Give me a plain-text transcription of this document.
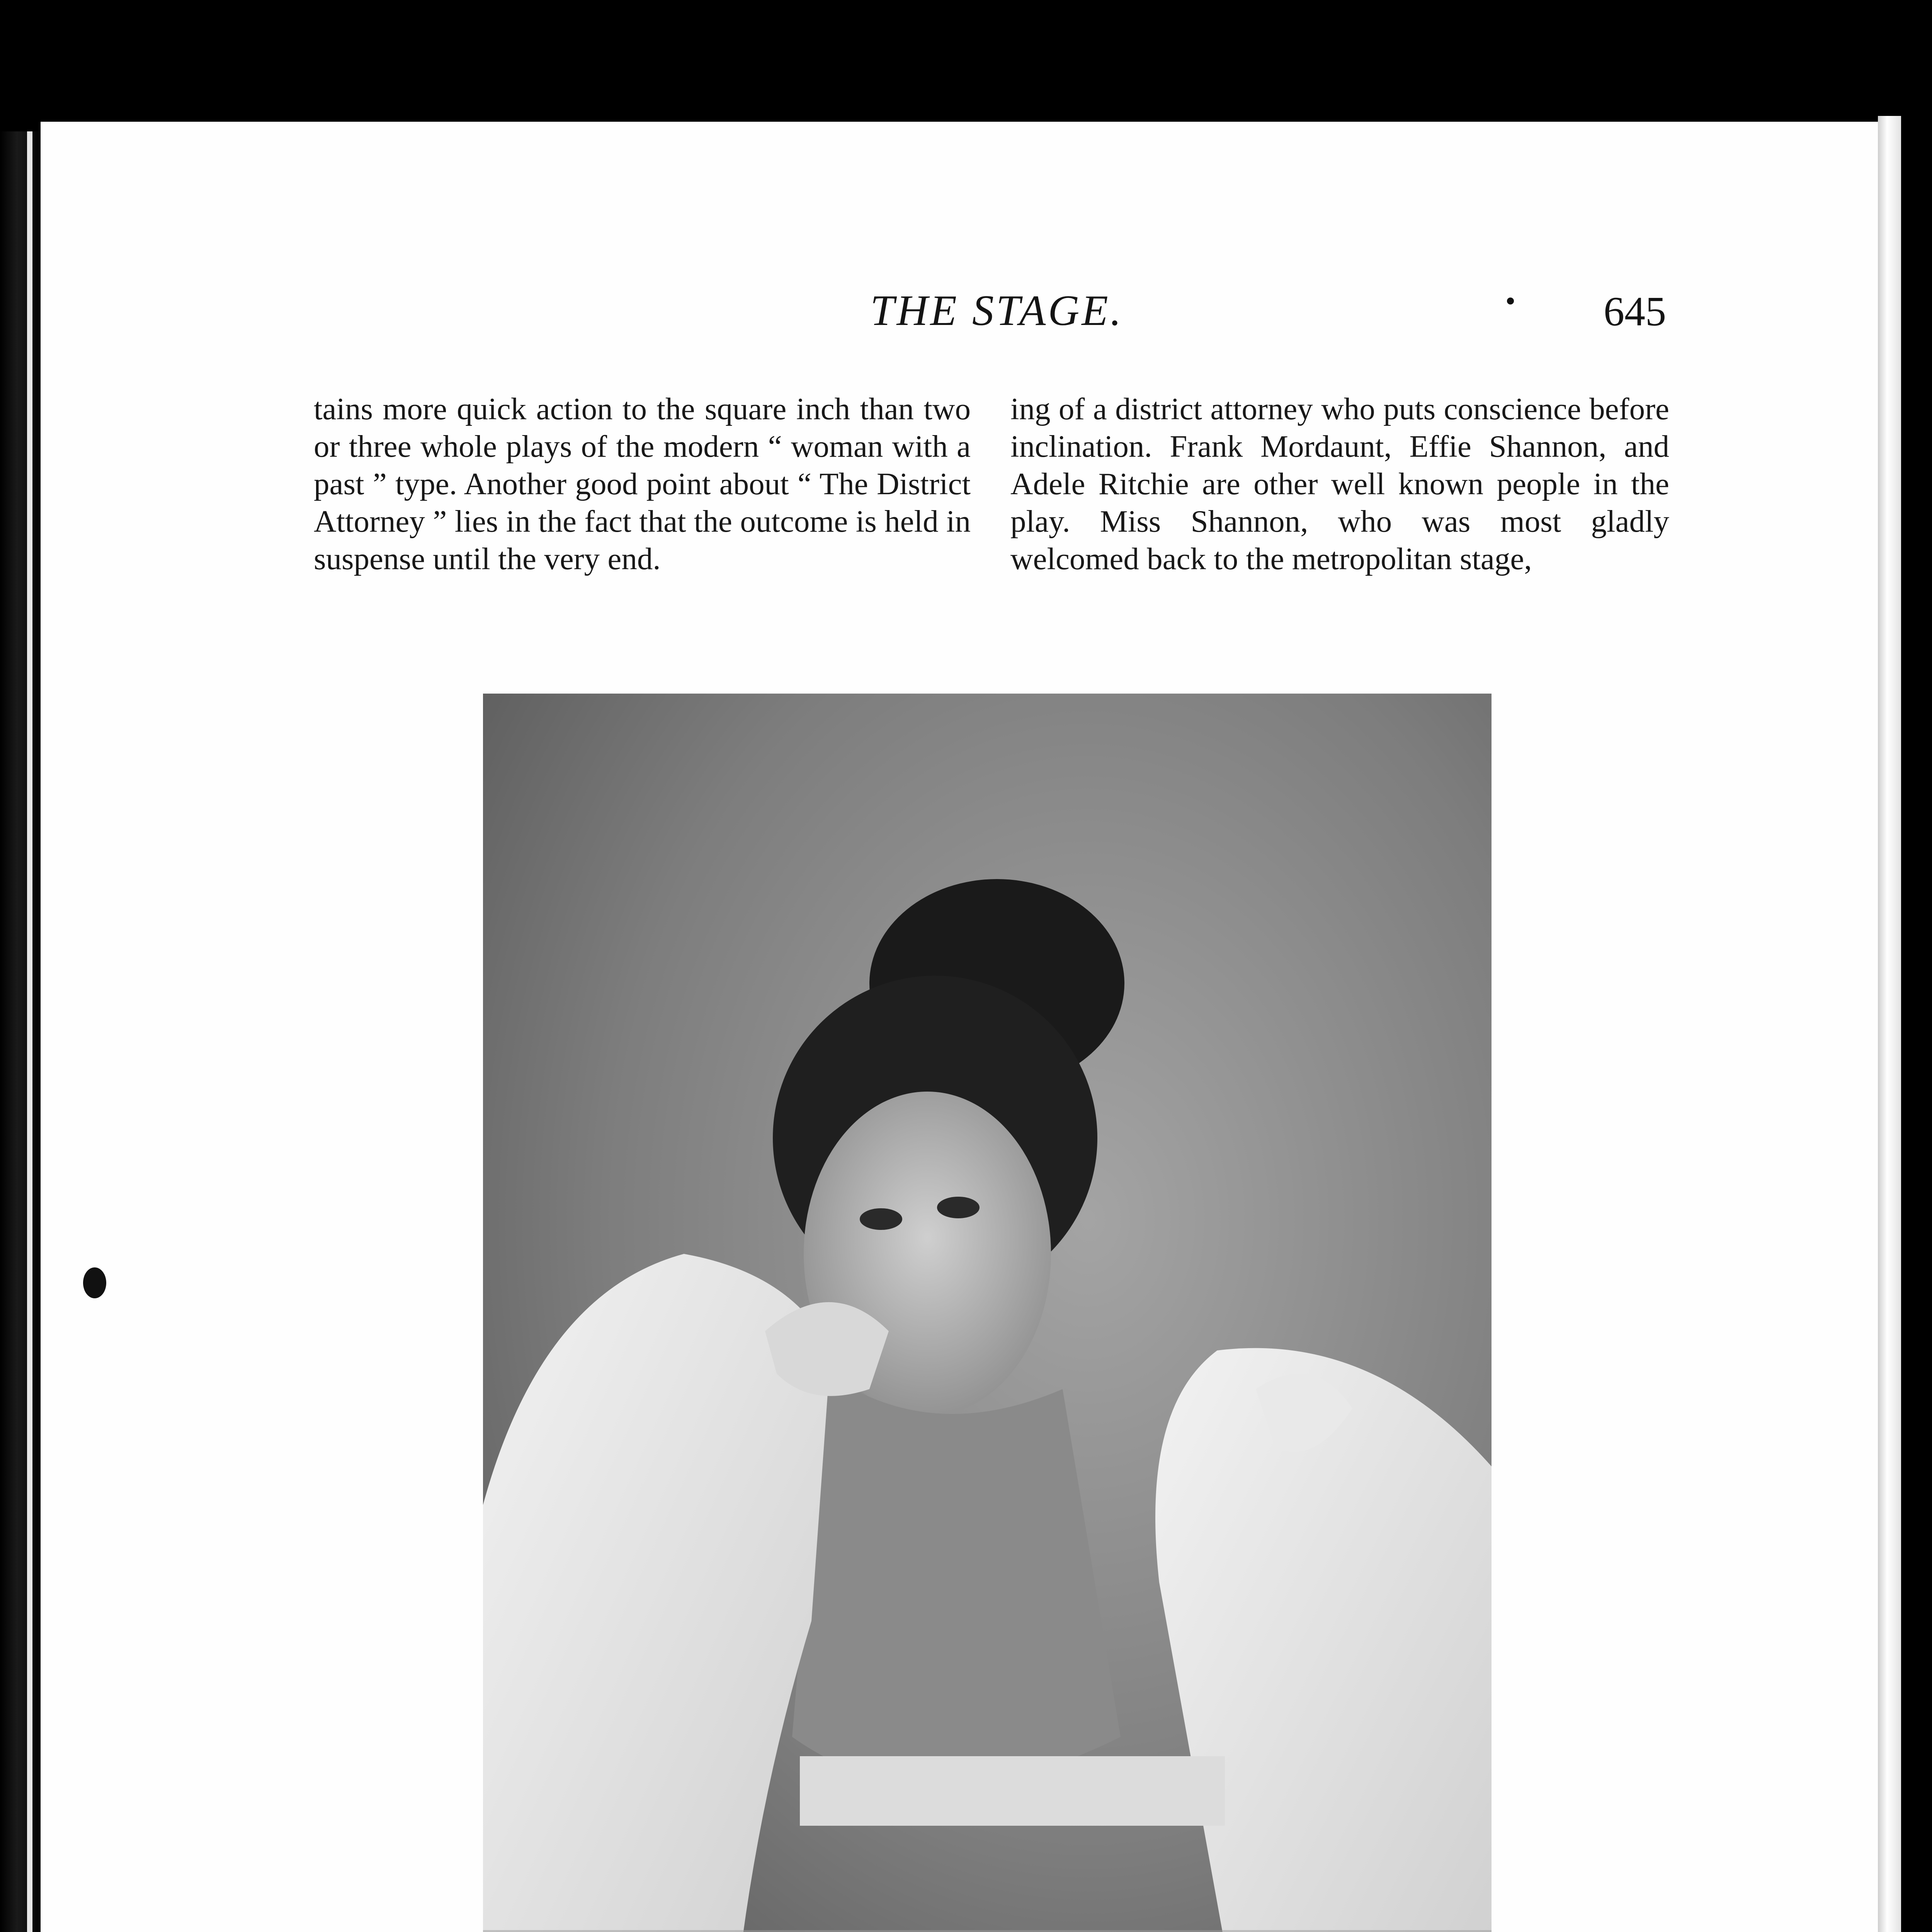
THE STAGE.	645

tains more quick action to the square inch than two or three whole plays of the modern “ woman with a past ” type. Another good point about “ The District Attorney ” lies in the fact that the outcome is held in suspense until the very end.

ing of a district attorney who puts conscience before inclination. Frank Mordaunt, Effie Shannon, and Adele Ritchie are other well known people in the play. Miss Shannon, who was most gladly welcomed back to the metropolitan stage,
